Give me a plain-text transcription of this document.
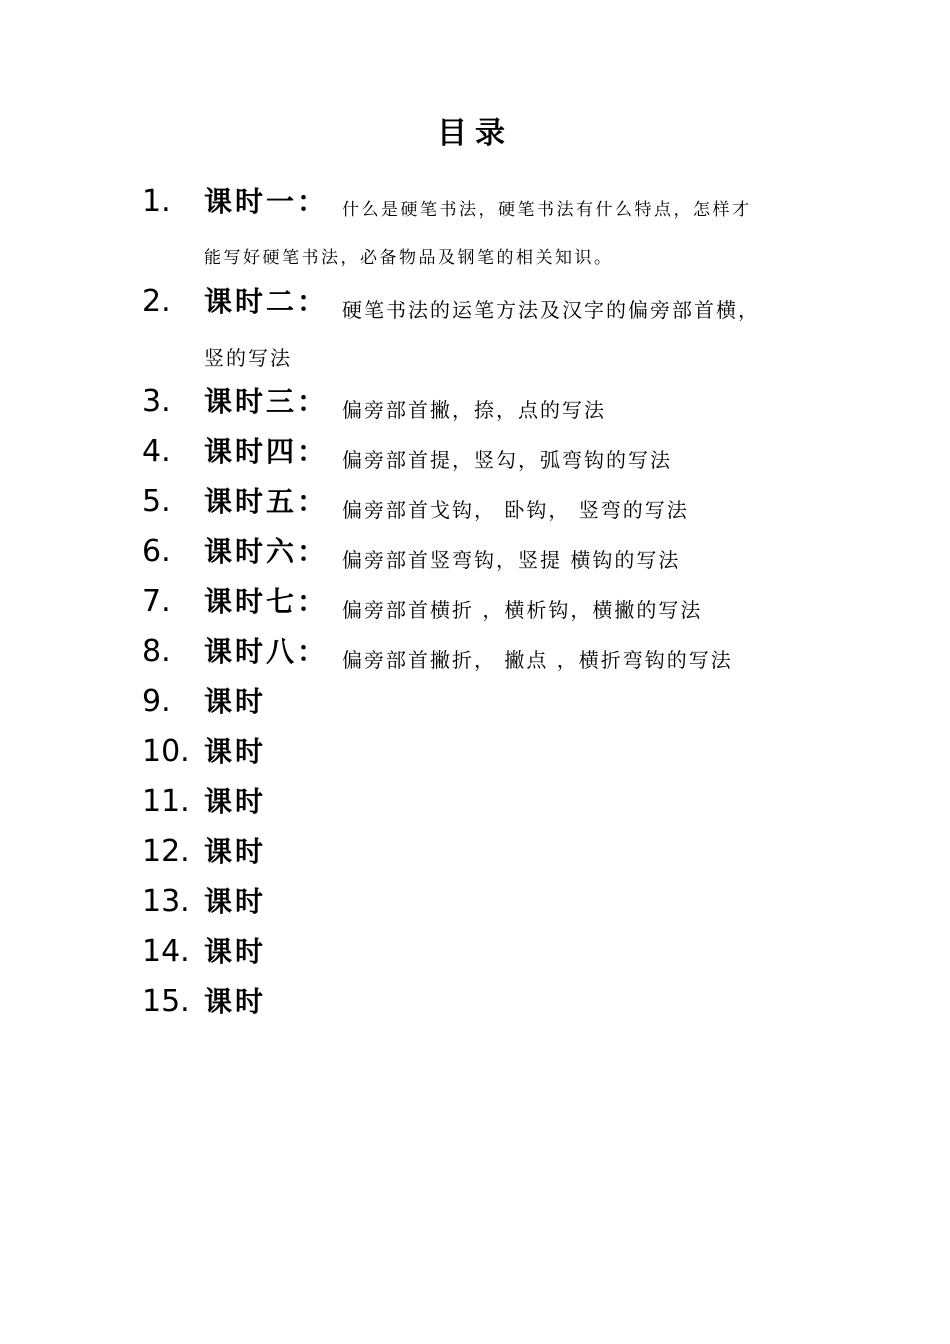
目录
1. 课时一： 什么是硬笔书法，硬笔书法有什么特点，怎样才
能写好硬笔书法，必备物品及钢笔的相关知识。
2. 课时二： 硬笔书法的运笔方法及汉字的偏旁部首横，
竖的写法
3. 课时三： 偏旁部首撇，捺，点的写法
4. 课时四： 偏旁部首提，竖勾，弧弯钩的写法
5. 课时五： 偏旁部首戈钩， 卧钩， 竖弯的写法
6. 课时六： 偏旁部首竖弯钩，竖提 横钩的写法
7. 课时七： 偏旁部首横折 ，横析钩，横撇的写法
8. 课时八： 偏旁部首撇折， 撇点 ，横折弯钩的写法
9. 课时
10. 课时
11. 课时
12. 课时
13. 课时
14. 课时
15. 课时
